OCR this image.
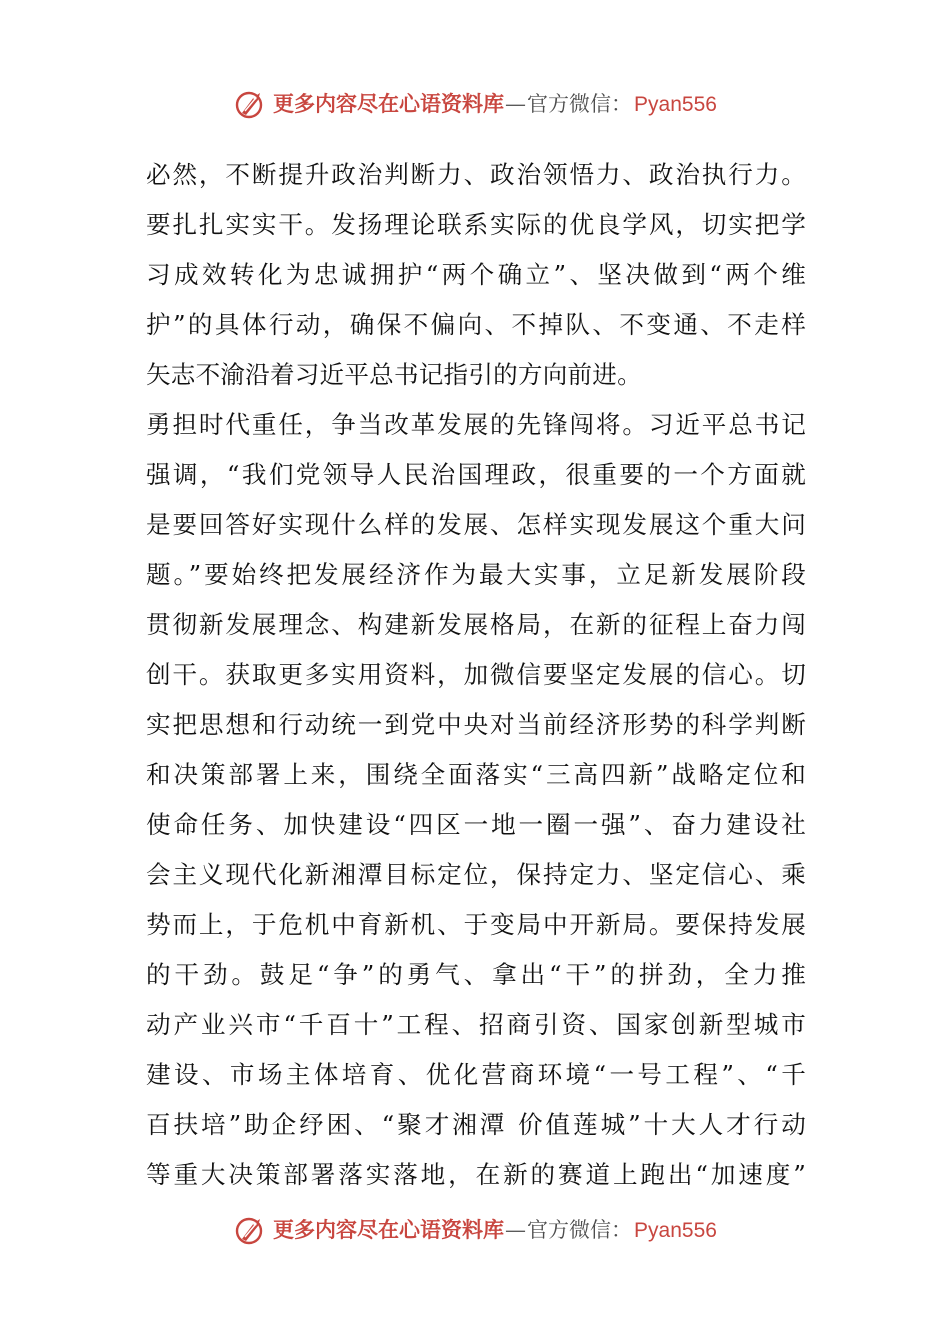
更多内容尽在心语资料库 — 官方微信： Pyan556
必然，不断提升政治判断力、政治领悟力、政治执行力。
要扎扎实实干。发扬理论联系实际的优良学风，切实把学
习成效转化为忠诚拥护“两个确立”、坚决做到“两个维
护”的具体行动，确保不偏向、不掉队、不变通、不走样
矢志不渝沿着习近平总书记指引的方向前进。
勇担时代重任，争当改革发展的先锋闯将。习近平总书记
强调，“我们党领导人民治国理政，很重要的一个方面就
是要回答好实现什么样的发展、怎样实现发展这个重大问
题。”要始终把发展经济作为最大实事，立足新发展阶段
贯彻新发展理念、构建新发展格局，在新的征程上奋力闯
创干。获取更多实用资料，加微信要坚定发展的信心。切
实把思想和行动统一到党中央对当前经济形势的科学判断
和决策部署上来，围绕全面落实“三高四新”战略定位和
使命任务、加快建设“四区一地一圈一强”、奋力建设社
会主义现代化新湘潭目标定位，保持定力、坚定信心、乘
势而上，于危机中育新机、于变局中开新局。要保持发展
的干劲。鼓足“争”的勇气、拿出“干”的拼劲，全力推
动产业兴市“千百十”工程、招商引资、国家创新型城市
建设、市场主体培育、优化营商环境“一号工程”、“千
百扶培”助企纾困、“聚才湘潭 价值莲城”十大人才行动
等重大决策部署落实落地，在新的赛道上跑出“加速度”
更多内容尽在心语资料库 — 官方微信： Pyan556
